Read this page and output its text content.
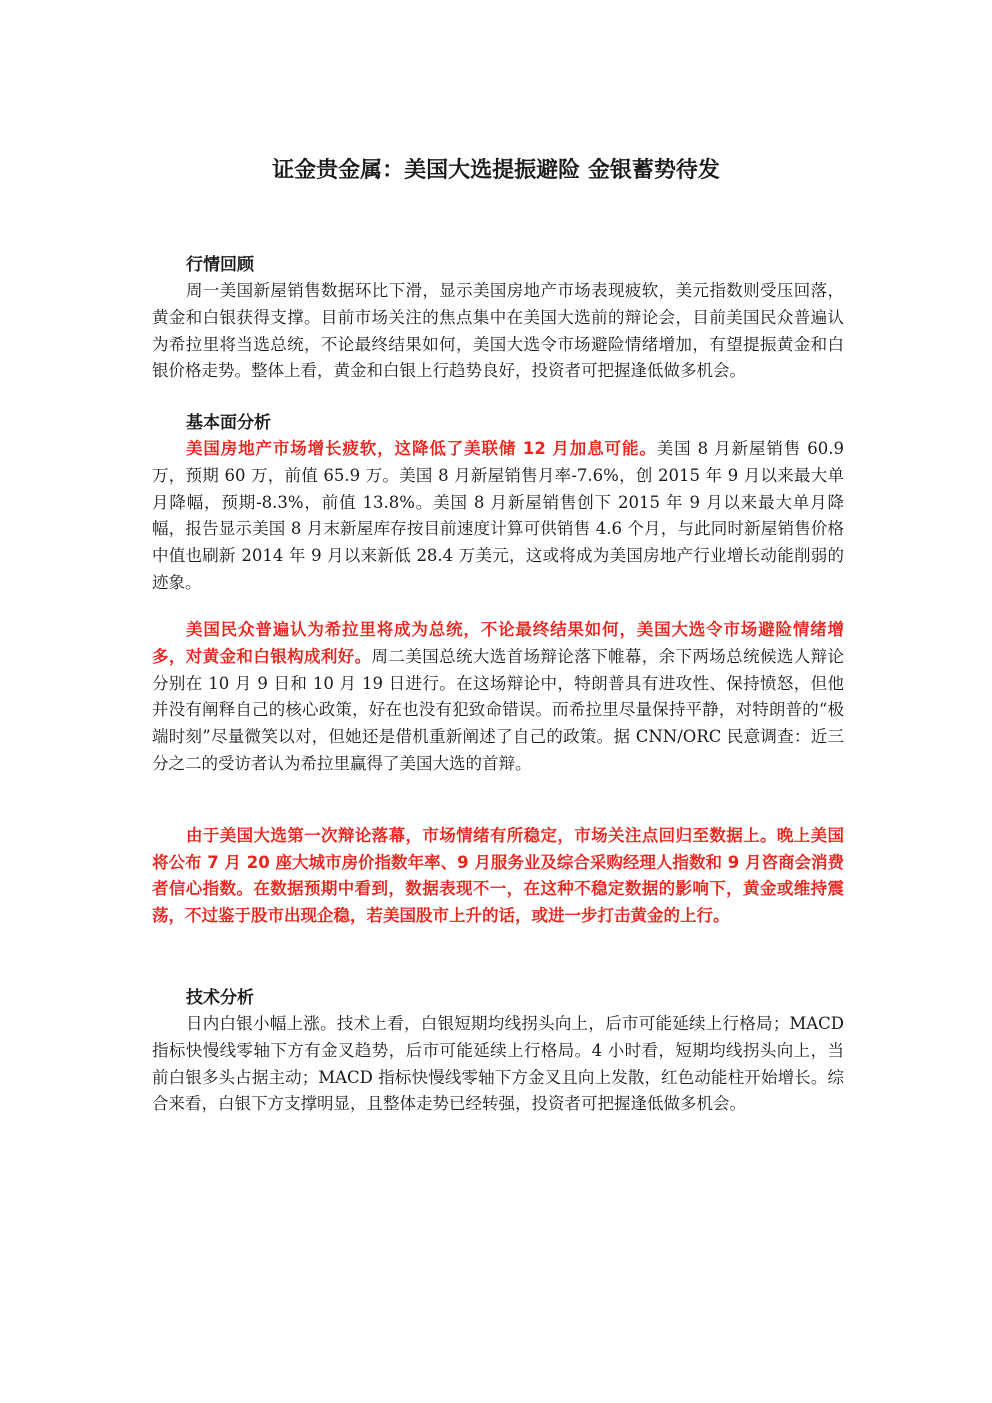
证金贵金属：美国大选提振避险 金银蓄势待发
行情回顾

周一美国新屋销售数据环比下滑，显示美国房地产市场表现疲软，美元指数则受压回落，黄金和白银获得支撑。目前市场关注的焦点集中在美国大选前的辩论会，目前美国民众普遍认为希拉里将当选总统，不论最终结果如何，美国大选令市场避险情绪增加，有望提振黄金和白银价格走势。整体上看，黄金和白银上行趋势良好，投资者可把握逢低做多机会。

基本面分析

美国房地产市场增长疲软，这降低了美联储 12 月加息可能。美国 8 月新屋销售 60.9 万，预期 60 万，前值 65.9 万。美国 8 月新屋销售月率-7.6%，创 2015 年 9 月以来最大单月降幅，预期-8.3%，前值 13.8%。美国 8 月新屋销售创下 2015 年 9 月以来最大单月降幅，报告显示美国 8 月末新屋库存按目前速度计算可供销售 4.6 个月，与此同时新屋销售价格中值也刷新 2014 年 9 月以来新低 28.4 万美元，这或将成为美国房地产行业增长动能削弱的迹象。

美国民众普遍认为希拉里将成为总统，不论最终结果如何，美国大选令市场避险情绪增多，对黄金和白银构成利好。周二美国总统大选首场辩论落下帷幕，余下两场总统候选人辩论分别在 10 月 9 日和 10 月 19 日进行。在这场辩论中，特朗普具有进攻性、保持愤怒，但他并没有阐释自己的核心政策，好在也没有犯致命错误。而希拉里尽量保持平静，对特朗普的“极端时刻”尽量微笑以对，但她还是借机重新阐述了自己的政策。据 CNN/ORC 民意调查：近三分之二的受访者认为希拉里赢得了美国大选的首辩。

由于美国大选第一次辩论落幕，市场情绪有所稳定，市场关注点回归至数据上。晚上美国将公布 7 月 20 座大城市房价指数年率、9 月服务业及综合采购经理人指数和 9 月咨商会消费者信心指数。在数据预期中看到，数据表现不一，在这种不稳定数据的影响下，黄金或维持震荡，不过鉴于股市出现企稳，若美国股市上升的话，或进一步打击黄金的上行。

技术分析

日内白银小幅上涨。技术上看，白银短期均线拐头向上，后市可能延续上行格局；MACD 指标快慢线零轴下方有金叉趋势，后市可能延续上行格局。4 小时看，短期均线拐头向上，当前白银多头占据主动；MACD 指标快慢线零轴下方金叉且向上发散，红色动能柱开始增长。综合来看，白银下方支撑明显，且整体走势已经转强，投资者可把握逢低做多机会。
